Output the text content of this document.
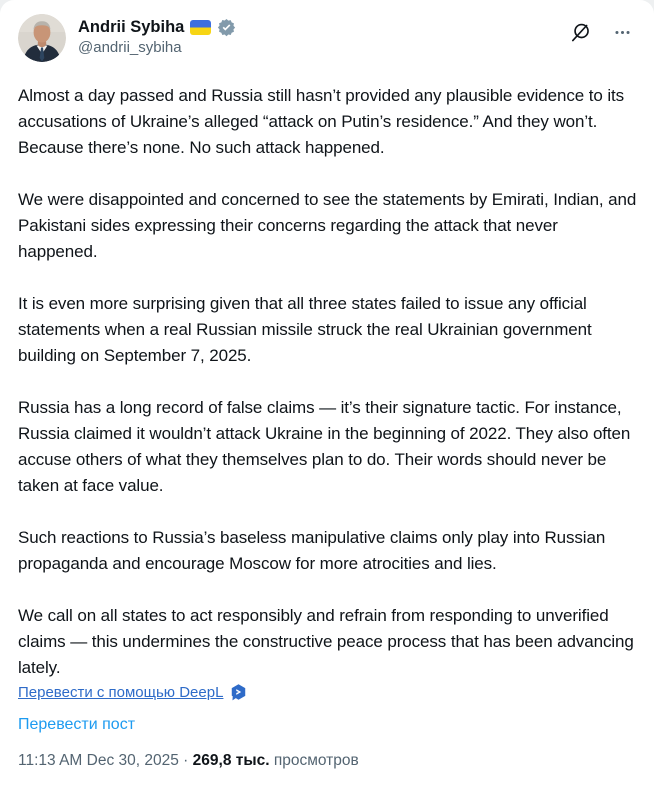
Andrii Sybiha
@andrii_sybiha

Almost a day passed and Russia still hasn’t provided any plausible evidence to its accusations of Ukraine’s alleged “attack on Putin’s residence.” And they won’t. Because there’s none. No such attack happened.

We were disappointed and concerned to see the statements by Emirati, Indian, and Pakistani sides expressing their concerns regarding the attack that never happened.

It is even more surprising given that all three states failed to issue any official statements when a real Russian missile struck the real Ukrainian government building on September 7, 2025.

Russia has a long record of false claims — it’s their signature tactic. For instance, Russia claimed it wouldn’t attack Ukraine in the beginning of 2022. They also often accuse others of what they themselves plan to do. Their words should never be taken at face value.

Such reactions to Russia’s baseless manipulative claims only play into Russian propaganda and encourage Moscow for more atrocities and lies.

We call on all states to act responsibly and refrain from responding to unverified claims — this undermines the constructive peace process that has been advancing lately.

Перевести с помощью DeepL
Перевести пост
11:13 AM Dec 30, 2025 · 269,8 тыс. просмотров
